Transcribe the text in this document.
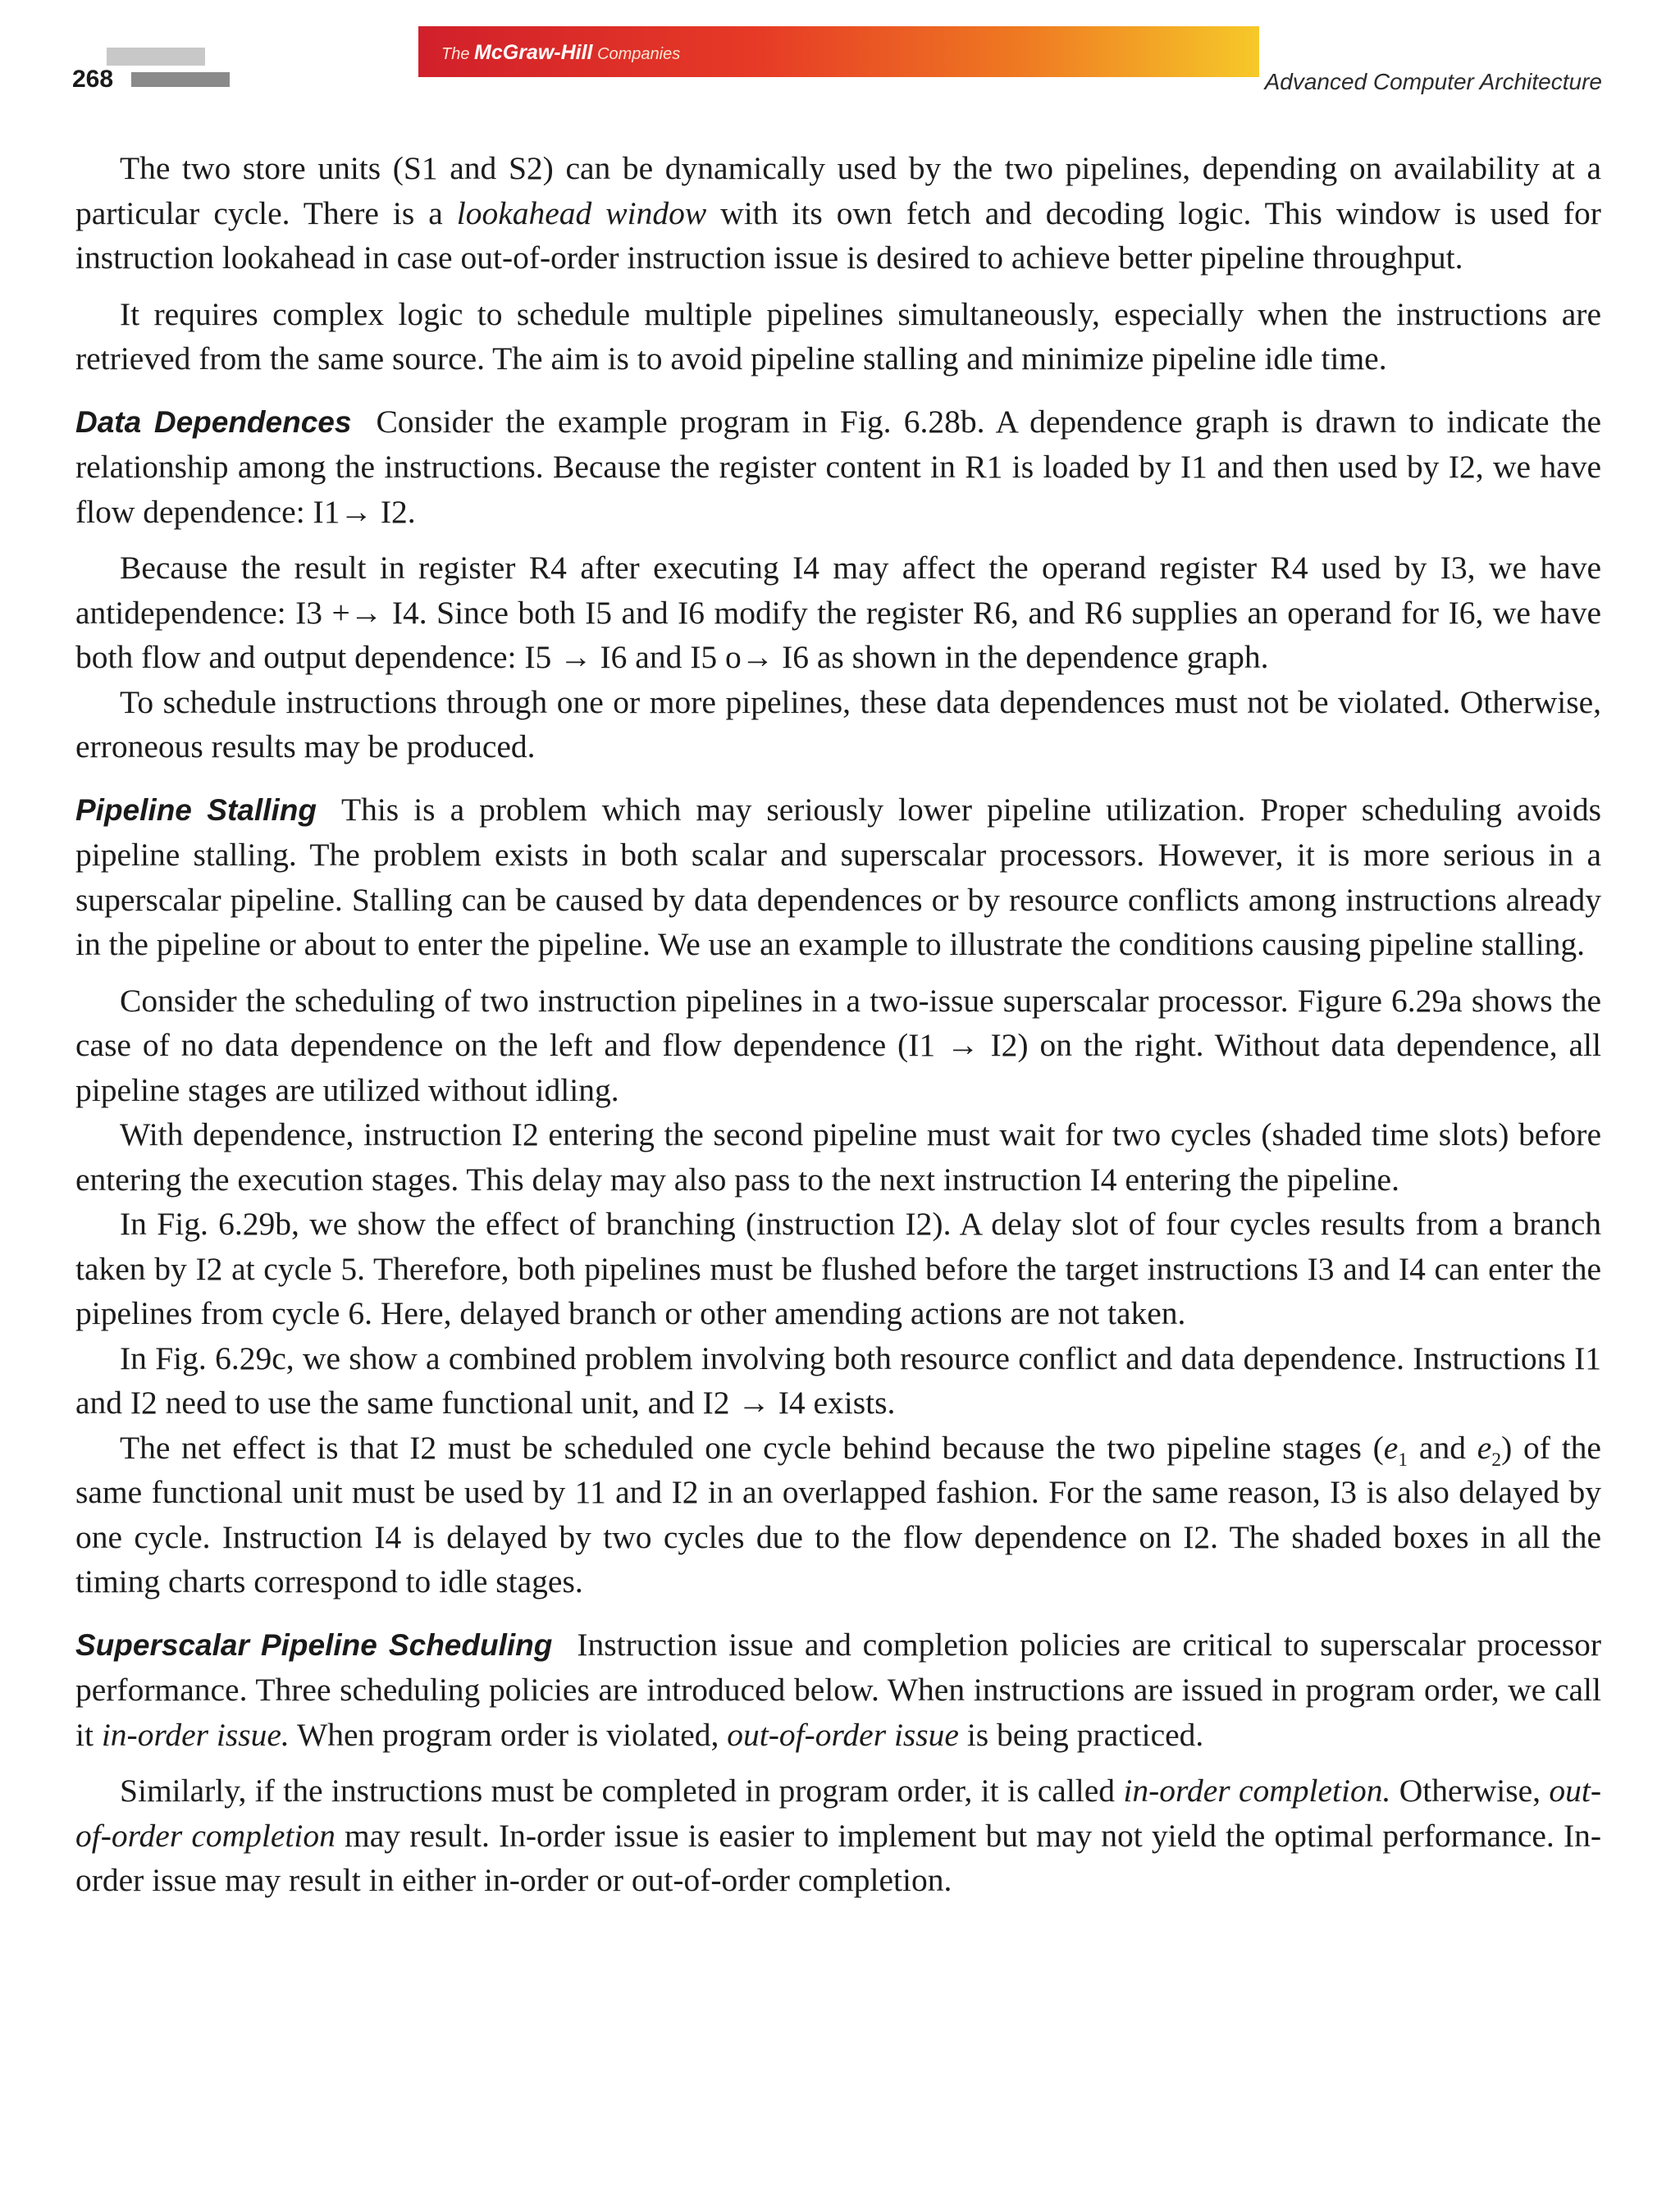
268
The McGraw-Hill Companies
Advanced Computer Architecture

The two store units (S1 and S2) can be dynamically used by the two pipelines, depending on availability at a particular cycle. There is a lookahead window with its own fetch and decoding logic. This window is used for instruction lookahead in case out-of-order instruction issue is desired to achieve better pipeline throughput.

It requires complex logic to schedule multiple pipelines simultaneously, especially when the instructions are retrieved from the same source. The aim is to avoid pipeline stalling and minimize pipeline idle time.

Data Dependences Consider the example program in Fig. 6.28b. A dependence graph is drawn to indicate the relationship among the instructions. Because the register content in R1 is loaded by I1 and then used by I2, we have flow dependence: I1→ I2.

Because the result in register R4 after executing I4 may affect the operand register R4 used by I3, we have antidependence: I3 +→ I4. Since both I5 and I6 modify the register R6, and R6 supplies an operand for I6, we have both flow and output dependence: I5 → I6 and I5 o→ I6 as shown in the dependence graph.

To schedule instructions through one or more pipelines, these data dependences must not be violated. Otherwise, erroneous results may be produced.

Pipeline Stalling This is a problem which may seriously lower pipeline utilization. Proper scheduling avoids pipeline stalling. The problem exists in both scalar and superscalar processors. However, it is more serious in a superscalar pipeline. Stalling can be caused by data dependences or by resource conflicts among instructions already in the pipeline or about to enter the pipeline. We use an example to illustrate the conditions causing pipeline stalling.

Consider the scheduling of two instruction pipelines in a two-issue superscalar processor. Figure 6.29a shows the case of no data dependence on the left and flow dependence (I1 → I2) on the right. Without data dependence, all pipeline stages are utilized without idling.

With dependence, instruction I2 entering the second pipeline must wait for two cycles (shaded time slots) before entering the execution stages. This delay may also pass to the next instruction I4 entering the pipeline.

In Fig. 6.29b, we show the effect of branching (instruction I2). A delay slot of four cycles results from a branch taken by I2 at cycle 5. Therefore, both pipelines must be flushed before the target instructions I3 and I4 can enter the pipelines from cycle 6. Here, delayed branch or other amending actions are not taken.

In Fig. 6.29c, we show a combined problem involving both resource conflict and data dependence. Instructions I1 and I2 need to use the same functional unit, and I2 → I4 exists.

The net effect is that I2 must be scheduled one cycle behind because the two pipeline stages ($e_1$ and $e_2$) of the same functional unit must be used by 11 and I2 in an overlapped fashion. For the same reason, I3 is also delayed by one cycle. Instruction I4 is delayed by two cycles due to the flow dependence on I2. The shaded boxes in all the timing charts correspond to idle stages.

Superscalar Pipeline Scheduling Instruction issue and completion policies are critical to superscalar processor performance. Three scheduling policies are introduced below. When instructions are issued in program order, we call it in-order issue. When program order is violated, out-of-order issue is being practiced.

Similarly, if the instructions must be completed in program order, it is called in-order completion. Otherwise, out-of-order completion may result. In-order issue is easier to implement but may not yield the optimal performance. In-order issue may result in either in-order or out-of-order completion.
